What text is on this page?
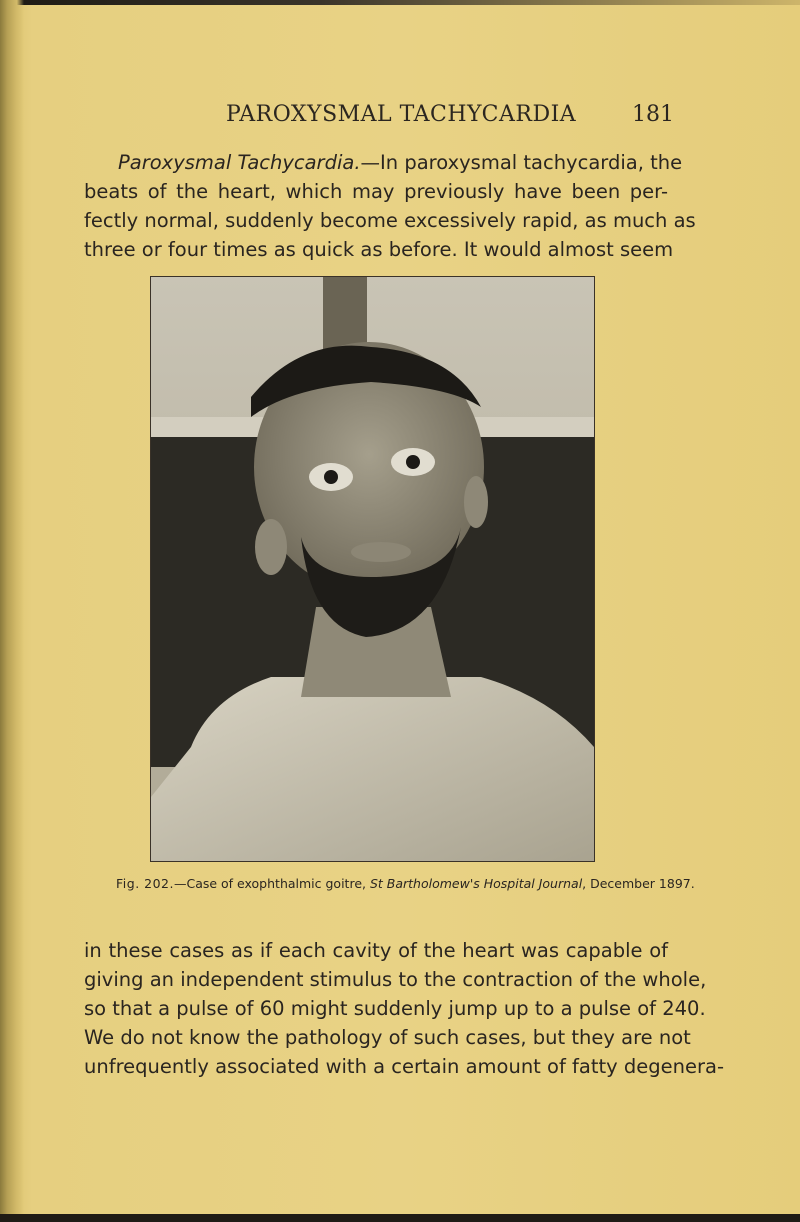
PAROXYSMAL TACHYCARDIA	181
Paroxysmal Tachycardia.—In paroxysmal tachycardia, the
beats of the heart, which may previously have been per-
fectly normal, suddenly become excessively rapid, as much as
three or four times as quick as before. It would almost seem
Fig. 202.—Case of exophthalmic goitre, St Bartholomew's Hospital Journal, December 1897.
in these cases as if each cavity of the heart was capable of
giving an independent stimulus to the contraction of the whole,
so that a pulse of 60 might suddenly jump up to a pulse of 240.
We do not know the pathology of such cases, but they are not
unfrequently associated with a certain amount of fatty degenera-
